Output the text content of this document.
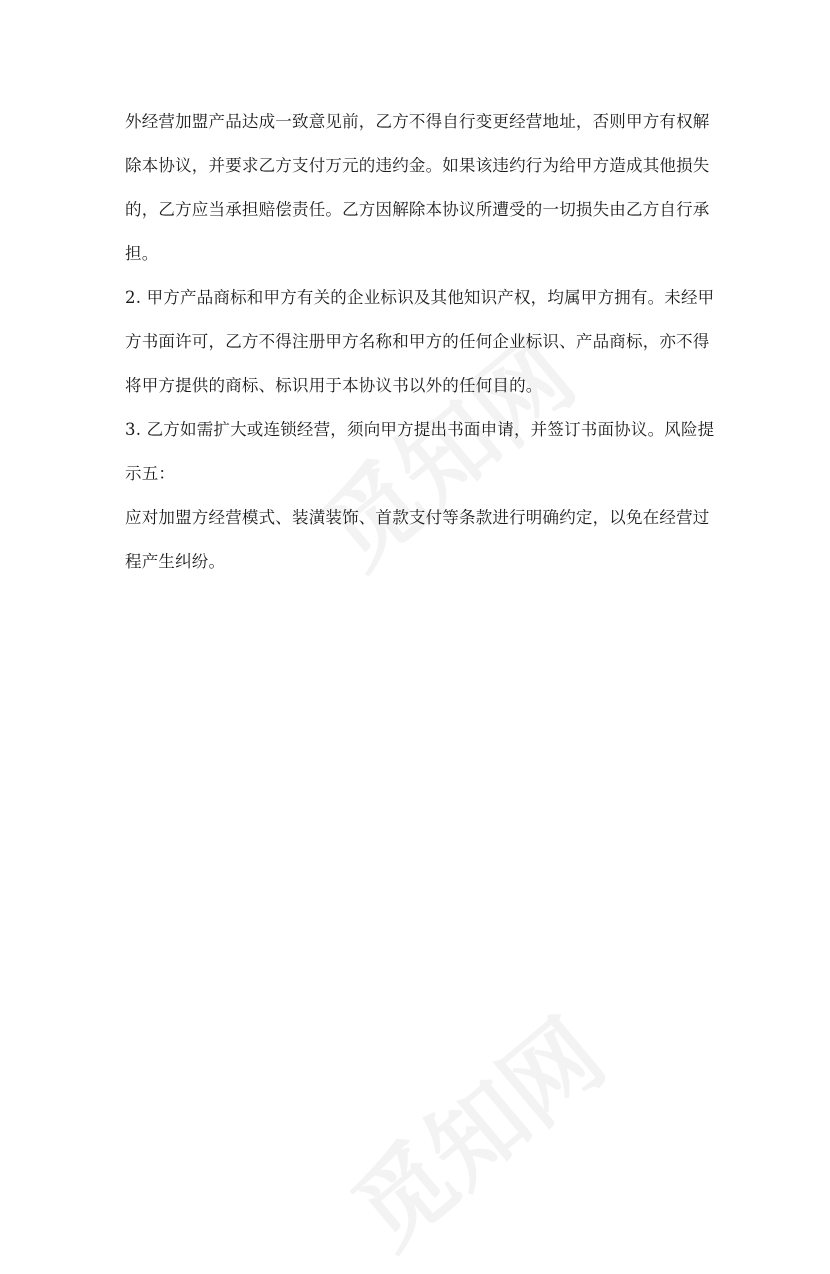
外经营加盟产品达成一致意见前，乙方不得自行变更经营地址，否则甲方有权解除本协议，并要求乙方支付万元的违约金。如果该违约行为给甲方造成其他损失的，乙方应当承担赔偿责任。乙方因解除本协议所遭受的一切损失由乙方自行承担。

2. 甲方产品商标和甲方有关的企业标识及其他知识产权，均属甲方拥有。未经甲方书面许可，乙方不得注册甲方名称和甲方的任何企业标识、产品商标，亦不得将甲方提供的商标、标识用于本协议书以外的任何目的。

3. 乙方如需扩大或连锁经营，须向甲方提出书面申请，并签订书面协议。风险提示五：

应对加盟方经营模式、装潢装饰、首款支付等条款进行明确约定，以免在经营过程产生纠纷。
